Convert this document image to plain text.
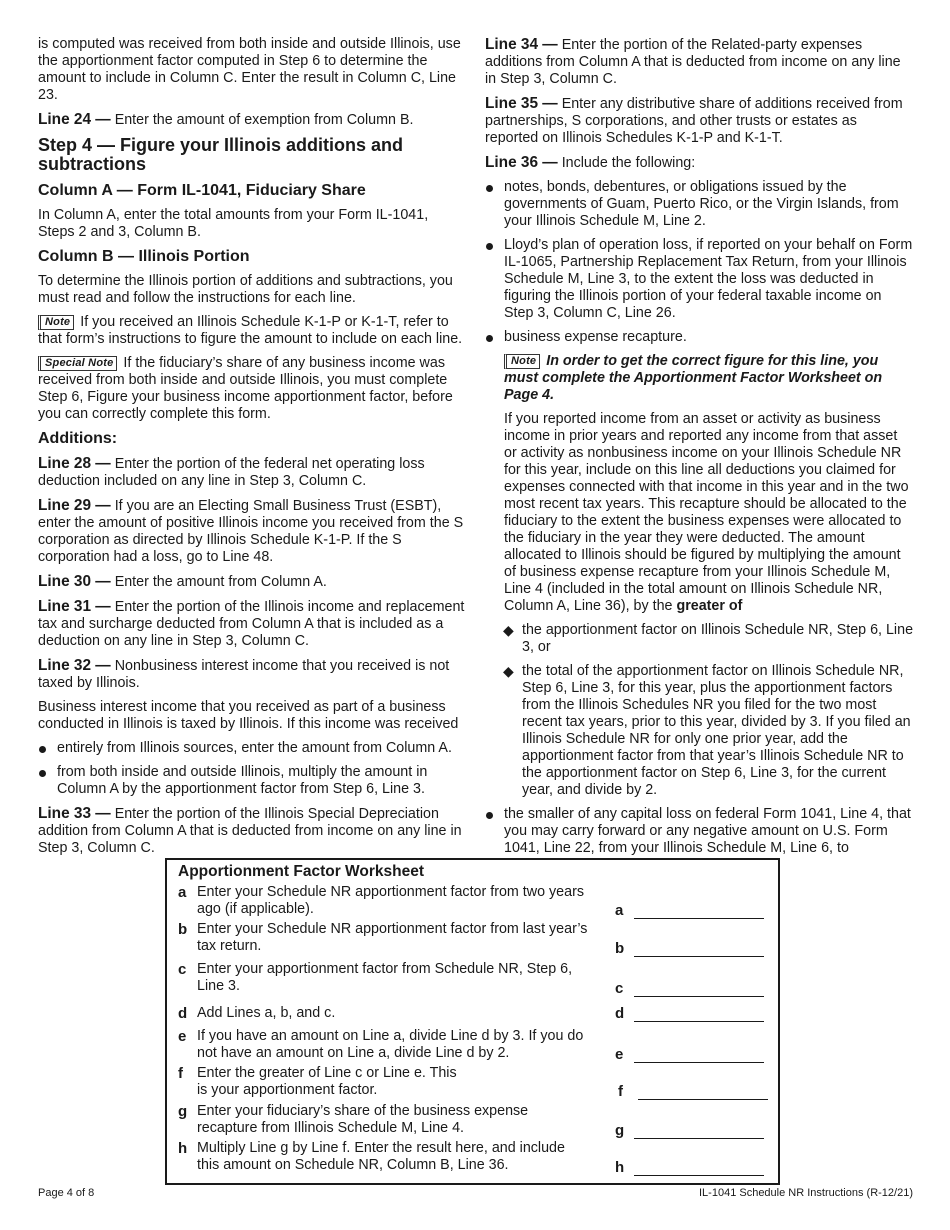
is computed was received from both inside and outside Illinois, use the apportionment factor computed in Step 6 to determine the amount to include in Column C. Enter the result in Column C, Line 23.

Line 24 — Enter the amount of exemption from Column B.

Step 4 — Figure your Illinois additions and subtractions
Column A — Form IL-1041, Fiduciary Share

In Column A, enter the total amounts from your Form IL-1041, Steps 2 and 3, Column B.

Column B — Illinois Portion

To determine the Illinois portion of additions and subtractions, you must read and follow the instructions for each line.

Note If you received an Illinois Schedule K-1-P or K-1-T, refer to that form’s instructions to figure the amount to include on each line.

Special Note If the fiduciary’s share of any business income was received from both inside and outside Illinois, you must complete Step 6, Figure your business income apportionment factor, before you can correctly complete this form.

Additions:

Line 28 — Enter the portion of the federal net operating loss deduction included on any line in Step 3, Column C.

Line 29 — If you are an Electing Small Business Trust (ESBT), enter the amount of positive Illinois income you received from the S corporation as directed by Illinois Schedule K-1-P. If the S corporation had a loss, go to Line 48.

Line 30 — Enter the amount from Column A.

Line 31 — Enter the portion of the Illinois income and replacement tax and surcharge deducted from Column A that is included as a deduction on any line in Step 3, Column C.

Line 32 — Nonbusiness interest income that you received is not taxed by Illinois.

Business interest income that you received as part of a business conducted in Illinois is taxed by Illinois. If this income was received

entirely from Illinois sources, enter the amount from Column A.
from both inside and outside Illinois, multiply the amount in Column A by the apportionment factor from Step 6, Line 3.

Line 33 — Enter the portion of the Illinois Special Depreciation addition from Column A that is deducted from income on any line in Step 3, Column C.

Line 34 — Enter the portion of the Related-party expenses additions from Column A that is deducted from income on any line in Step 3, Column C.

Line 35 — Enter any distributive share of additions received from partnerships, S corporations, and other trusts or estates as reported on Illinois Schedules K-1-P and K-1-T.

Line 36 — Include the following:

notes, bonds, debentures, or obligations issued by the governments of Guam, Puerto Rico, or the Virgin Islands, from your Illinois Schedule M, Line 2.
Lloyd’s plan of operation loss, if reported on your behalf on Form IL-1065, Partnership Replacement Tax Return, from your Illinois Schedule M, Line 3, to the extent the loss was deducted in figuring the Illinois portion of your federal taxable income on Step 3, Column C, Line 26.
business expense recapture.

Note In order to get the correct figure for this line, you must complete the Apportionment Factor Worksheet on Page 4.

If you reported income from an asset or activity as business income in prior years and reported any income from that asset or activity as nonbusiness income on your Illinois Schedule NR for this year, include on this line all deductions you claimed for expenses connected with that income in this year and in the two most recent tax years. This recapture should be allocated to the fiduciary to the extent the business expenses were allocated to the fiduciary in the year they were deducted. The amount allocated to Illinois should be figured by multiplying the amount of business expense recapture from your Illinois Schedule M, Line 4 (included in the total amount on Illinois Schedule NR, Column A, Line 36), by the greater of

◆ the apportionment factor on Illinois Schedule NR, Step 6, Line 3, or
◆ the total of the apportionment factor on Illinois Schedule NR, Step 6, Line 3, for this year, plus the apportionment factors from the Illinois Schedules NR you filed for the two most recent tax years, prior to this year, divided by 3. If you filed an Illinois Schedule NR for only one prior year, add the apportionment factor from that year’s Illinois Schedule NR to the apportionment factor on Step 6, Line 3, for the current year, and divide by 2.
the smaller of any capital loss on federal Form 1041, Line 4, that you may carry forward or any negative amount on U.S. Form 1041, Line 22, from your Illinois Schedule M, Line 6, to
Apportionment Factor Worksheet
a Enter your Schedule NR apportionment factor from two years ago (if applicable).	a
b Enter your Schedule NR apportionment factor from last year’s tax return.	b
c Enter your apportionment factor from Schedule NR, Step 6, Line 3.	c
d Add Lines a, b, and c.	d
e If you have an amount on Line a, divide Line d by 3. If you do not have an amount on Line a, divide Line d by 2.	e
f Enter the greater of Line c or Line e. This is your apportionment factor.	f
g Enter your fiduciary’s share of the business expense recapture from Illinois Schedule M, Line 4.	g
h Multiply Line g by Line f. Enter the result here, and include this amount on Schedule NR, Column B, Line 36.	h
Page 4 of 8	IL-1041 Schedule NR Instructions (R-12/21)
